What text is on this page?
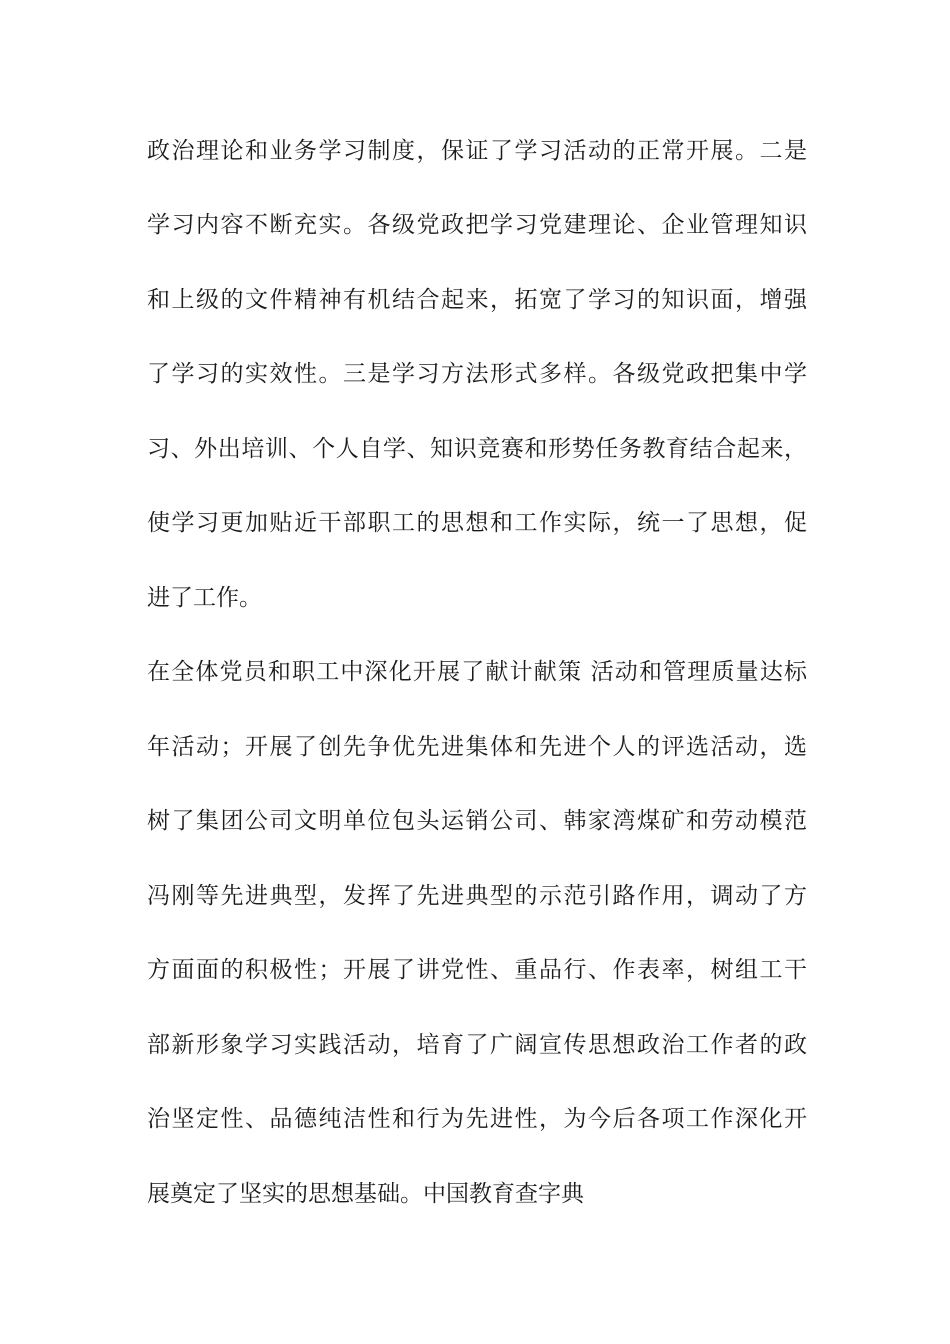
政治理论和业务学习制度，保证了学习活动的正常开展。二是
学习内容不断充实。各级党政把学习党建理论、企业管理知识
和上级的文件精神有机结合起来，拓宽了学习的知识面，增强
了学习的实效性。三是学习方法形式多样。各级党政把集中学
习、外出培训、个人自学、知识竞赛和形势任务教育结合起来，
使学习更加贴近干部职工的思想和工作实际，统一了思想，促
进了工作。
在全体党员和职工中深化开展了献计献策 活动和管理质量达标
年活动；开展了创先争优先进集体和先进个人的评选活动，选
树了集团公司文明单位包头运销公司、韩家湾煤矿和劳动模范
冯刚等先进典型，发挥了先进典型的示范引路作用，调动了方
方面面的积极性；开展了讲党性、重品行、作表率，树组工干
部新形象学习实践活动，培育了广阔宣传思想政治工作者的政
治坚定性、品德纯洁性和行为先进性，为今后各项工作深化开
展奠定了坚实的思想基础。中国教育查字典
